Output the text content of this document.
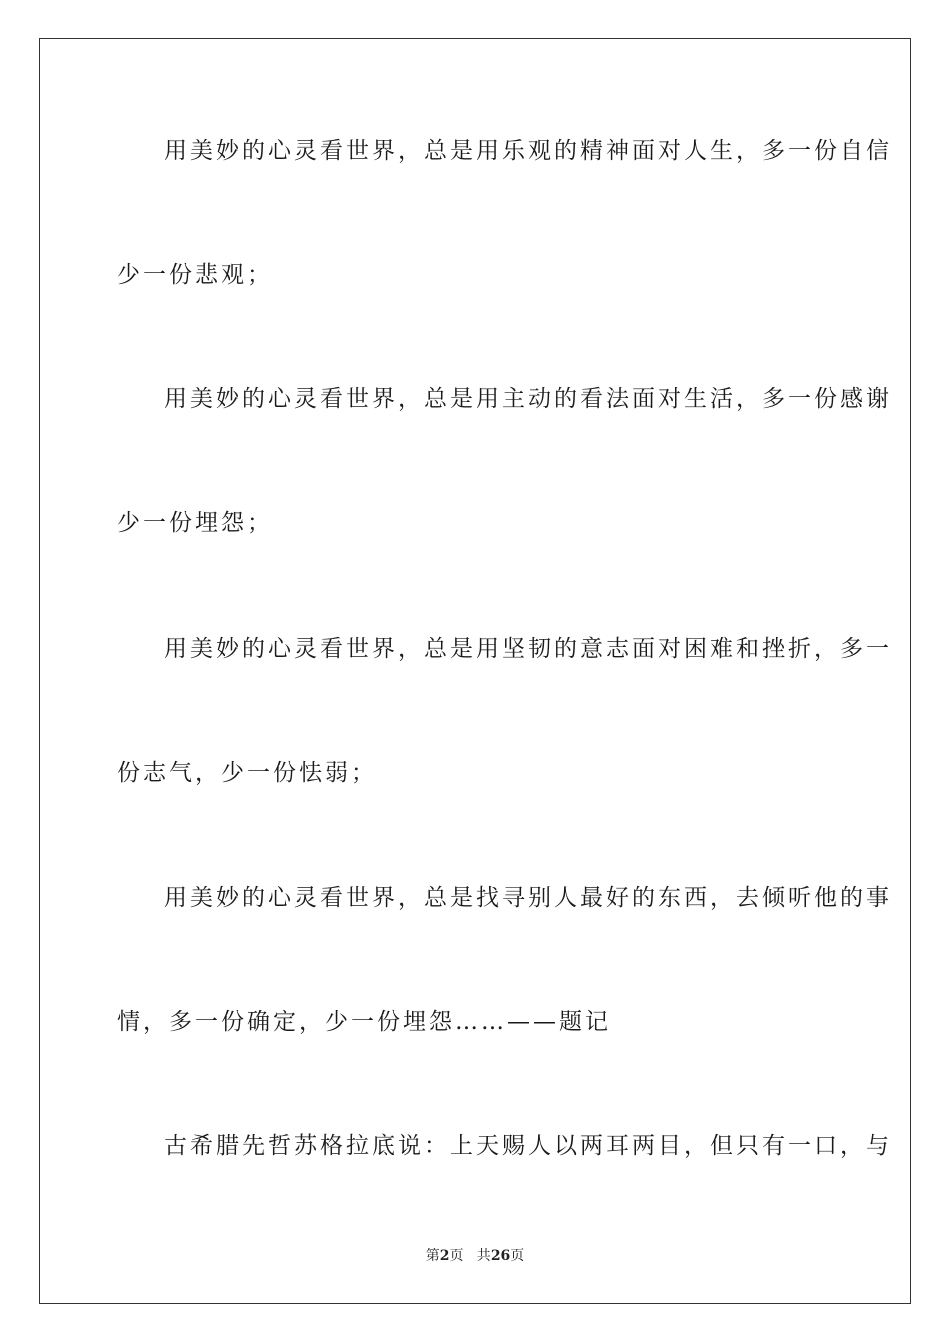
用美妙的心灵看世界，总是用乐观的精神面对人生，多一份自信
少一份悲观；
用美妙的心灵看世界，总是用主动的看法面对生活，多一份感谢
少一份埋怨；
用美妙的心灵看世界，总是用坚韧的意志面对困难和挫折，多一
份志气，少一份怯弱；
用美妙的心灵看世界，总是找寻别人最好的东西，去倾听他的事
情，多一份确定，少一份埋怨……——题记
古希腊先哲苏格拉底说：上天赐人以两耳两目，但只有一口，与
第2页   共26页
